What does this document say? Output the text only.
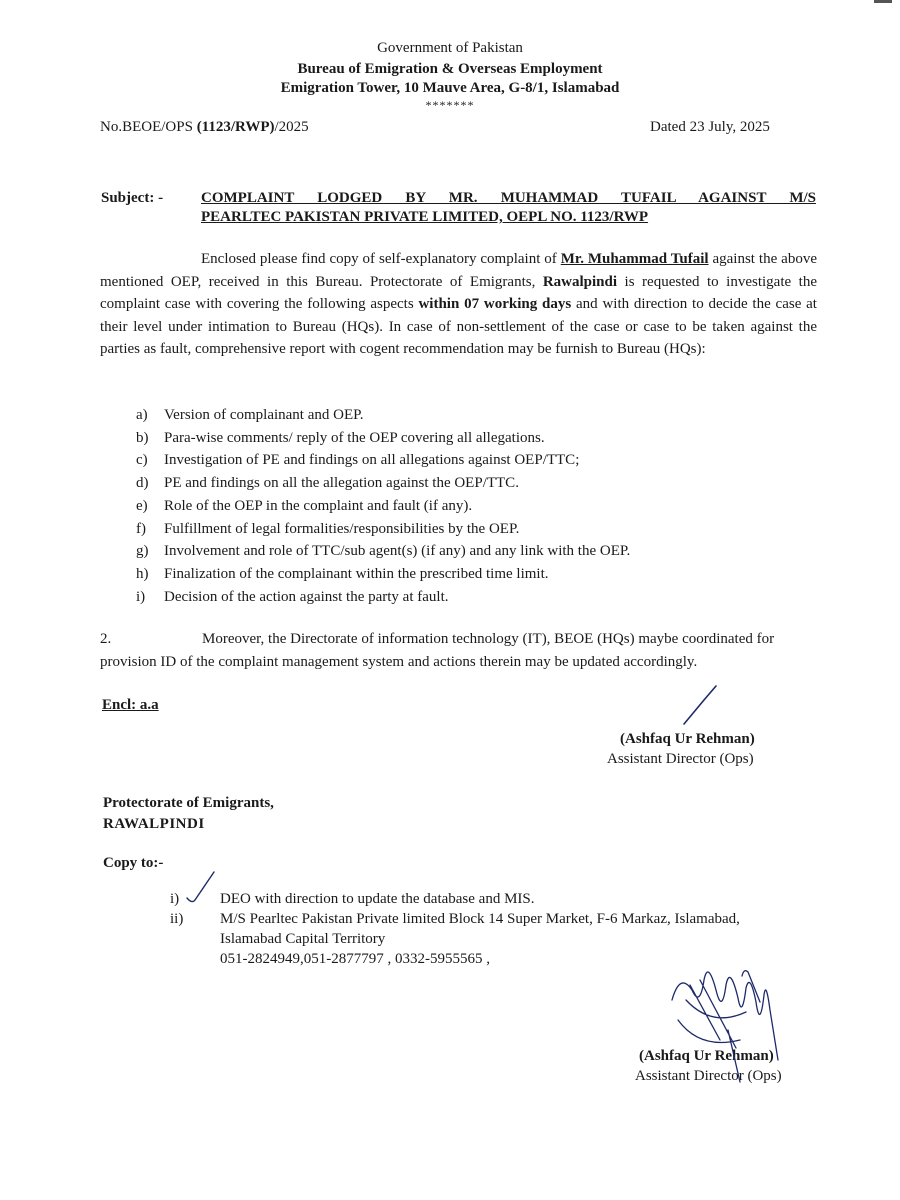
Government of Pakistan
Bureau of Emigration & Overseas Employment
Emigration Tower, 10 Mauve Area, G-8/1, Islamabad
*******
No.BEOE/OPS (1123/RWP)/2025	Dated 23 July, 2025
Subject: -	COMPLAINT LODGED BY MR. MUHAMMAD TUFAIL AGAINST M/S
PEARLTEC PAKISTAN PRIVATE LIMITED, OEPL NO. 1123/RWP
Enclosed please find copy of self-explanatory complaint of Mr. Muhammad Tufail against the above mentioned OEP, received in this Bureau. Protectorate of Emigrants, Rawalpindi is requested to investigate the complaint case with covering the following aspects within 07 working days and with direction to decide the case at their level under intimation to Bureau (HQs). In case of non-settlement of the case or case to be taken against the parties as fault, comprehensive report with cogent recommendation may be furnish to Bureau (HQs):
a) Version of complainant and OEP.
b) Para-wise comments/ reply of the OEP covering all allegations.
c) Investigation of PE and findings on all allegations against OEP/TTC;
d) PE and findings on all the allegation against the OEP/TTC.
e) Role of the OEP in the complaint and fault (if any).
f) Fulfillment of legal formalities/responsibilities by the OEP.
g) Involvement and role of TTC/sub agent(s) (if any) and any link with the OEP.
h) Finalization of the complainant within the prescribed time limit.
i) Decision of the action against the party at fault.
2.	Moreover, the Directorate of information technology (IT), BEOE (HQs) maybe coordinated for provision ID of the complaint management system and actions therein may be updated accordingly.
Encl: a.a
(Ashfaq Ur Rehman)
Assistant Director (Ops)
Protectorate of Emigrants,
RAWALPINDI
Copy to:-
i)	DEO with direction to update the database and MIS.
ii)	M/S Pearltec Pakistan Private limited Block 14 Super Market, F-6 Markaz, Islamabad,
Islamabad Capital Territory
051-2824949,051-2877797 , 0332-5955565 ,
(Ashfaq Ur Rehman)
Assistant Director (Ops)
